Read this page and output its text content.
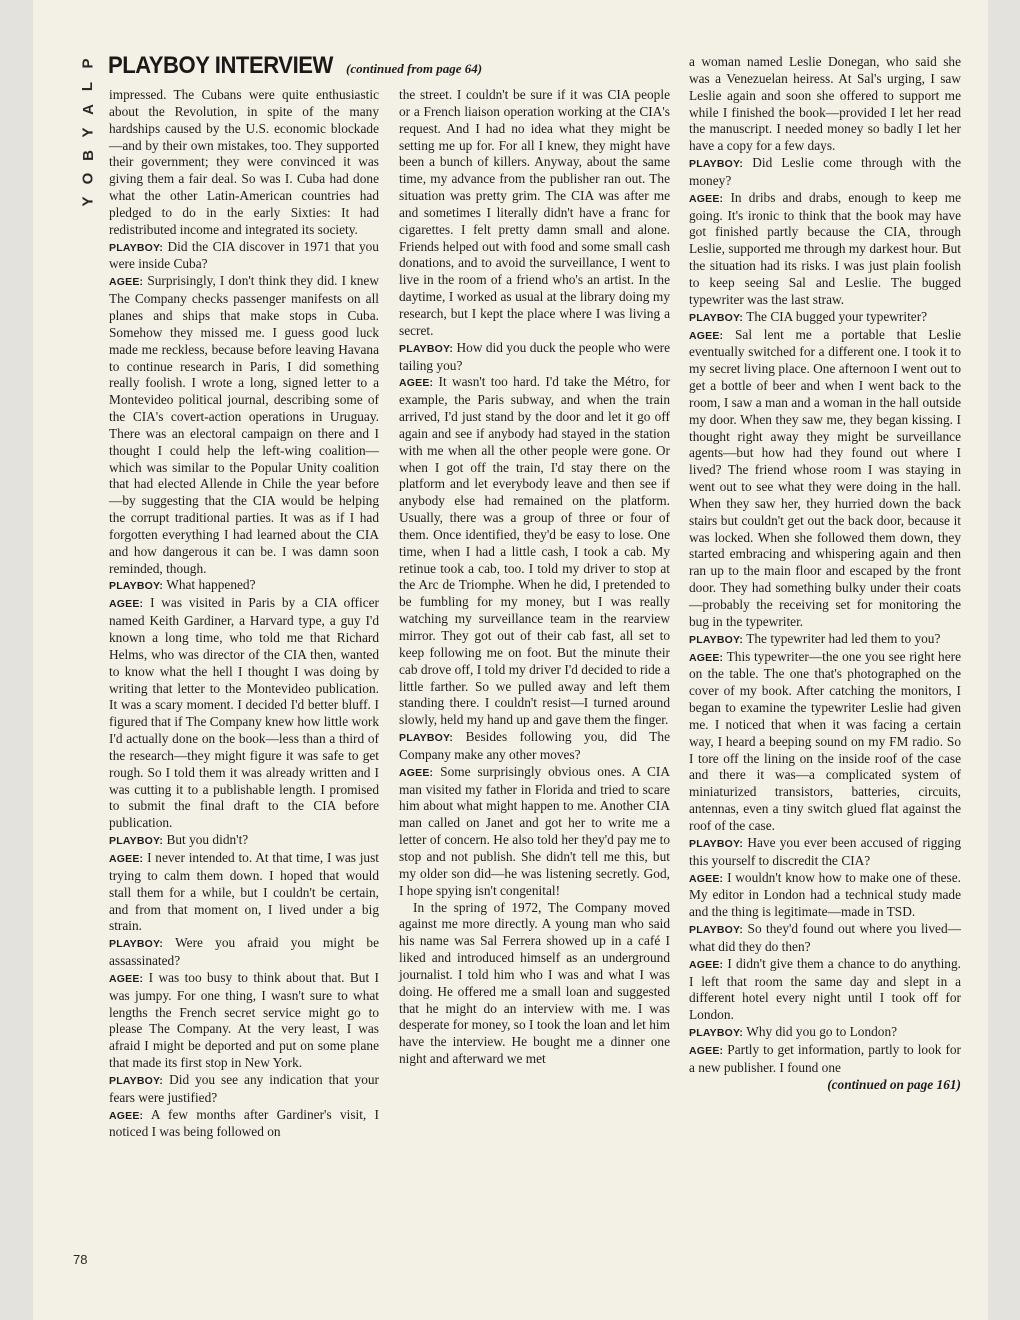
P
L
A
Y
B
O
Y
PLAYBOY INTERVIEW (continued from page 64)

impressed. The Cubans were quite enthusiastic about the Revolution, in spite of the many hardships caused by the U.S. economic blockade—and by their own mistakes, too. They supported their government; they were convinced it was giving them a fair deal. So was I. Cuba had done what the other Latin-American countries had pledged to do in the early Sixties: It had redistributed income and integrated its society.

PLAYBOY: Did the CIA discover in 1971 that you were inside Cuba?

AGEE: Surprisingly, I don't think they did. I knew The Company checks passenger manifests on all planes and ships that make stops in Cuba. Somehow they missed me. I guess good luck made me reckless, because before leaving Havana to continue research in Paris, I did something really foolish. I wrote a long, signed letter to a Montevideo political journal, describing some of the CIA's covert-action operations in Uruguay. There was an electoral campaign on there and I thought I could help the left-wing coalition—which was similar to the Popular Unity coalition that had elected Allende in Chile the year before—by suggesting that the CIA would be helping the corrupt traditional parties. It was as if I had forgotten everything I had learned about the CIA and how dangerous it can be. I was damn soon reminded, though.

PLAYBOY: What happened?

AGEE: I was visited in Paris by a CIA officer named Keith Gardiner, a Harvard type, a guy I'd known a long time, who told me that Richard Helms, who was director of the CIA then, wanted to know what the hell I thought I was doing by writing that letter to the Montevideo publication. It was a scary moment. I decided I'd better bluff. I figured that if The Company knew how little work I'd actually done on the book—less than a third of the research—they might figure it was safe to get rough. So I told them it was already written and I was cutting it to a publishable length. I promised to submit the final draft to the CIA before publication.

PLAYBOY: But you didn't?

AGEE: I never intended to. At that time, I was just trying to calm them down. I hoped that would stall them for a while, but I couldn't be certain, and from that moment on, I lived under a big strain.

PLAYBOY: Were you afraid you might be assassinated?

AGEE: I was too busy to think about that. But I was jumpy. For one thing, I wasn't sure to what lengths the French secret service might go to please The Company. At the very least, I was afraid I might be deported and put on some plane that made its first stop in New York.

PLAYBOY: Did you see any indication that your fears were justified?

AGEE: A few months after Gardiner's visit, I noticed I was being followed on

the street. I couldn't be sure if it was CIA people or a French liaison operation working at the CIA's request. And I had no idea what they might be setting me up for. For all I knew, they might have been a bunch of killers. Anyway, about the same time, my advance from the publisher ran out. The situation was pretty grim. The CIA was after me and sometimes I literally didn't have a franc for cigarettes. I felt pretty damn small and alone. Friends helped out with food and some small cash donations, and to avoid the surveillance, I went to live in the room of a friend who's an artist. In the daytime, I worked as usual at the library doing my research, but I kept the place where I was living a secret.

PLAYBOY: How did you duck the people who were tailing you?

AGEE: It wasn't too hard. I'd take the Métro, for example, the Paris subway, and when the train arrived, I'd just stand by the door and let it go off again and see if anybody had stayed in the station with me when all the other people were gone. Or when I got off the train, I'd stay there on the platform and let everybody leave and then see if anybody else had remained on the platform. Usually, there was a group of three or four of them. Once identified, they'd be easy to lose. One time, when I had a little cash, I took a cab. My retinue took a cab, too. I told my driver to stop at the Arc de Triomphe. When he did, I pretended to be fumbling for my money, but I was really watching my surveillance team in the rearview mirror. They got out of their cab fast, all set to keep following me on foot. But the minute their cab drove off, I told my driver I'd decided to ride a little farther. So we pulled away and left them standing there. I couldn't resist—I turned around slowly, held my hand up and gave them the finger.

PLAYBOY: Besides following you, did The Company make any other moves?

AGEE: Some surprisingly obvious ones. A CIA man visited my father in Florida and tried to scare him about what might happen to me. Another CIA man called on Janet and got her to write me a letter of concern. He also told her they'd pay me to stop and not publish. She didn't tell me this, but my older son did—he was listening secretly. God, I hope spying isn't congenital!

In the spring of 1972, The Company moved against me more directly. A young man who said his name was Sal Ferrera showed up in a café I liked and introduced himself as an underground journalist. I told him who I was and what I was doing. He offered me a small loan and suggested that he might do an interview with me. I was desperate for money, so I took the loan and let him have the interview. He bought me a dinner one night and afterward we met

a woman named Leslie Donegan, who said she was a Venezuelan heiress. At Sal's urging, I saw Leslie again and soon she offered to support me while I finished the book—provided I let her read the manuscript. I needed money so badly I let her have a copy for a few days.

PLAYBOY: Did Leslie come through with the money?

AGEE: In dribs and drabs, enough to keep me going. It's ironic to think that the book may have got finished partly because the CIA, through Leslie, supported me through my darkest hour. But the situation had its risks. I was just plain foolish to keep seeing Sal and Leslie. The bugged typewriter was the last straw.

PLAYBOY: The CIA bugged your typewriter?

AGEE: Sal lent me a portable that Leslie eventually switched for a different one. I took it to my secret living place. One afternoon I went out to get a bottle of beer and when I went back to the room, I saw a man and a woman in the hall outside my door. When they saw me, they began kissing. I thought right away they might be surveillance agents—but how had they found out where I lived? The friend whose room I was staying in went out to see what they were doing in the hall. When they saw her, they hurried down the back stairs but couldn't get out the back door, because it was locked. When she followed them down, they started embracing and whispering again and then ran up to the main floor and escaped by the front door. They had something bulky under their coats—probably the receiving set for monitoring the bug in the typewriter.

PLAYBOY: The typewriter had led them to you?

AGEE: This typewriter—the one you see right here on the table. The one that's photographed on the cover of my book. After catching the monitors, I began to examine the typewriter Leslie had given me. I noticed that when it was facing a certain way, I heard a beeping sound on my FM radio. So I tore off the lining on the inside roof of the case and there it was—a complicated system of miniaturized transistors, batteries, circuits, antennas, even a tiny switch glued flat against the roof of the case.

PLAYBOY: Have you ever been accused of rigging this yourself to discredit the CIA?

AGEE: I wouldn't know how to make one of these. My editor in London had a technical study made and the thing is legitimate—made in TSD.

PLAYBOY: So they'd found out where you lived—what did they do then?

AGEE: I didn't give them a chance to do anything. I left that room the same day and slept in a different hotel every night until I took off for London.

PLAYBOY: Why did you go to London?

AGEE: Partly to get information, partly to look for a new publisher. I found one

(continued on page 161)

78
